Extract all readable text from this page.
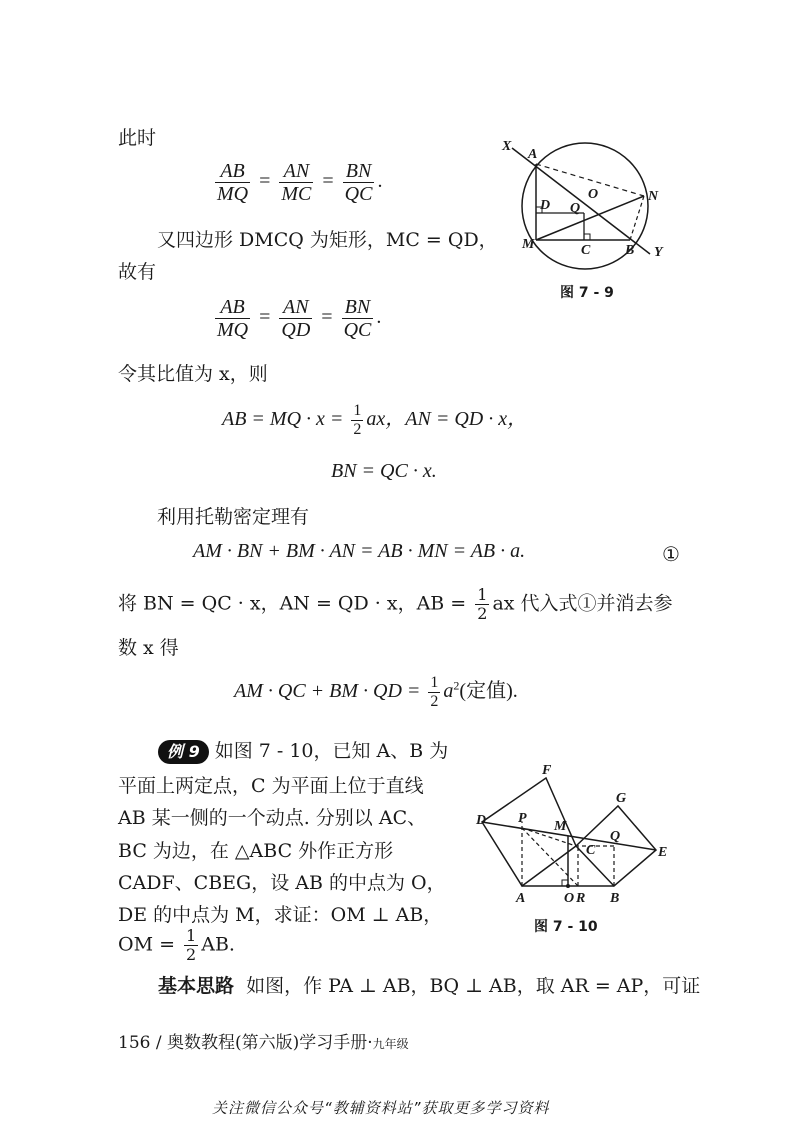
此时
$\frac{AB}{MQ} = \frac{AN}{MC} = \frac{BN}{QC}$ .
又四边形 DMCQ 为矩形，MC = QD，
故有
$\frac{AB}{MQ} = \frac{AN}{QD} = \frac{BN}{QC}$ .
令其比值为 x，则
AB = MQ · $x = \frac{1}{2}$ ax，AN = QD · x，
BN = QC · x.
利用托勒密定理有
AM · BN + BM · AN = AB · MN = AB · a.	①
将 BN = QC · x，AN = QD · x，AB = $\frac{1}{2}$ ax 代入式①并消去参
数 x 得
AM · QC + BM · QD = $\frac{1}{2} a^2$(定值).
例 9 如图 7 - 10，已知 A、B 为
平面上两定点，C 为平面上位于直线
AB 某一侧的一个动点. 分别以 AC、
BC 为边，在 △ABC 外作正方形
CADF、CBEG，设 AB 的中点为 O，
DE 的中点为 M，求证：OM ⊥ AB，
OM = $\frac{1}{2}$ AB.
基本思路 如图，作 PA ⊥ AB，BQ ⊥ AB，取 AR = AP，可证
156 / 奥数教程(第六版)学习手册·九年级
关注微信公众号“教辅资料站”获取更多学习资料
X
A
O	N
D Q
M	C B Y
图 7 - 9
F
G
D P
M
Q
C	E
A	O R B
图 7 - 10
